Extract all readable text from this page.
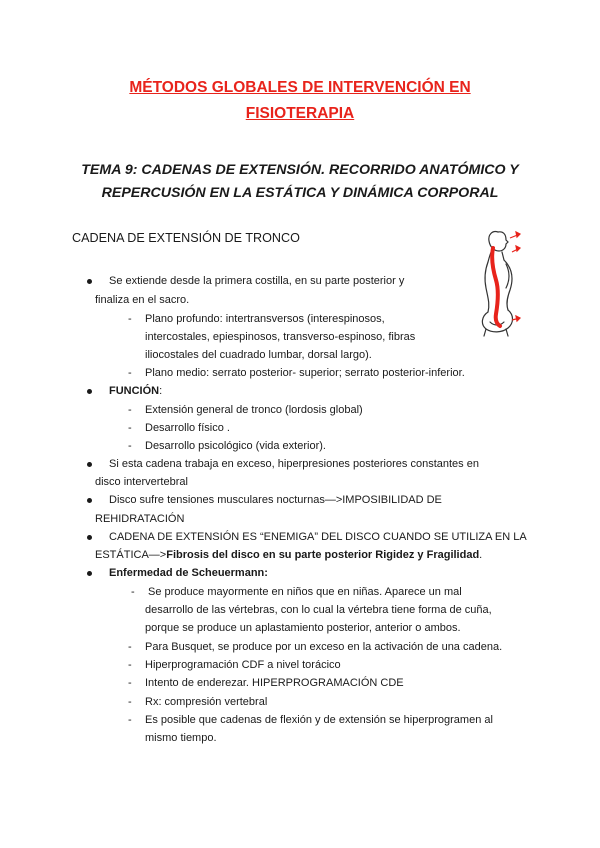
MÉTODOS GLOBALES DE INTERVENCIÓN EN
FISIOTERAPIA
TEMA 9: CADENAS DE EXTENSIÓN. RECORRIDO ANATÓMICO Y
REPERCUSIÓN EN LA ESTÁTICA Y DINÁMICA CORPORAL
CADENA DE EXTENSIÓN DE TRONCO
Se extiende desde la primera costilla, en su parte posterior y
finaliza en el sacro.
- Plano profundo: intertransversos (interespinosos,
intercostales, epiespinosos, transverso-espinoso, fibras
iliocostales del cuadrado lumbar, dorsal largo).
- Plano medio: serrato posterior- superior; serrato posterior-inferior.
FUNCIÓN:
- Extensión general de tronco (lordosis global)
- Desarrollo físico .
- Desarrollo psicológico (vida exterior).
Si esta cadena trabaja en exceso, hiperpresiones posteriores constantes en
disco intervertebral
Disco sufre tensiones musculares nocturnas—>IMPOSIBILIDAD DE
REHIDRATACIÓN
CADENA DE EXTENSIÓN ES “ENEMIGA” DEL DISCO CUANDO SE UTILIZA EN LA
ESTÁTICA—>Fibrosis del disco en su parte posterior Rigidez y Fragilidad.
Enfermedad de Scheuermann:
- Se produce mayormente en niños que en niñas. Aparece un mal
desarrollo de las vértebras, con lo cual la vértebra tiene forma de cuña,
porque se produce un aplastamiento posterior, anterior o ambos.
- Para Busquet, se produce por un exceso en la activación de una cadena.
- Hiperprogramación CDF a nivel torácico
- Intento de enderezar. HIPERPROGRAMACIÓN CDE
- Rx: compresión vertebral
- Es posible que cadenas de flexión y de extensión se hiperprogramen al
mismo tiempo.
